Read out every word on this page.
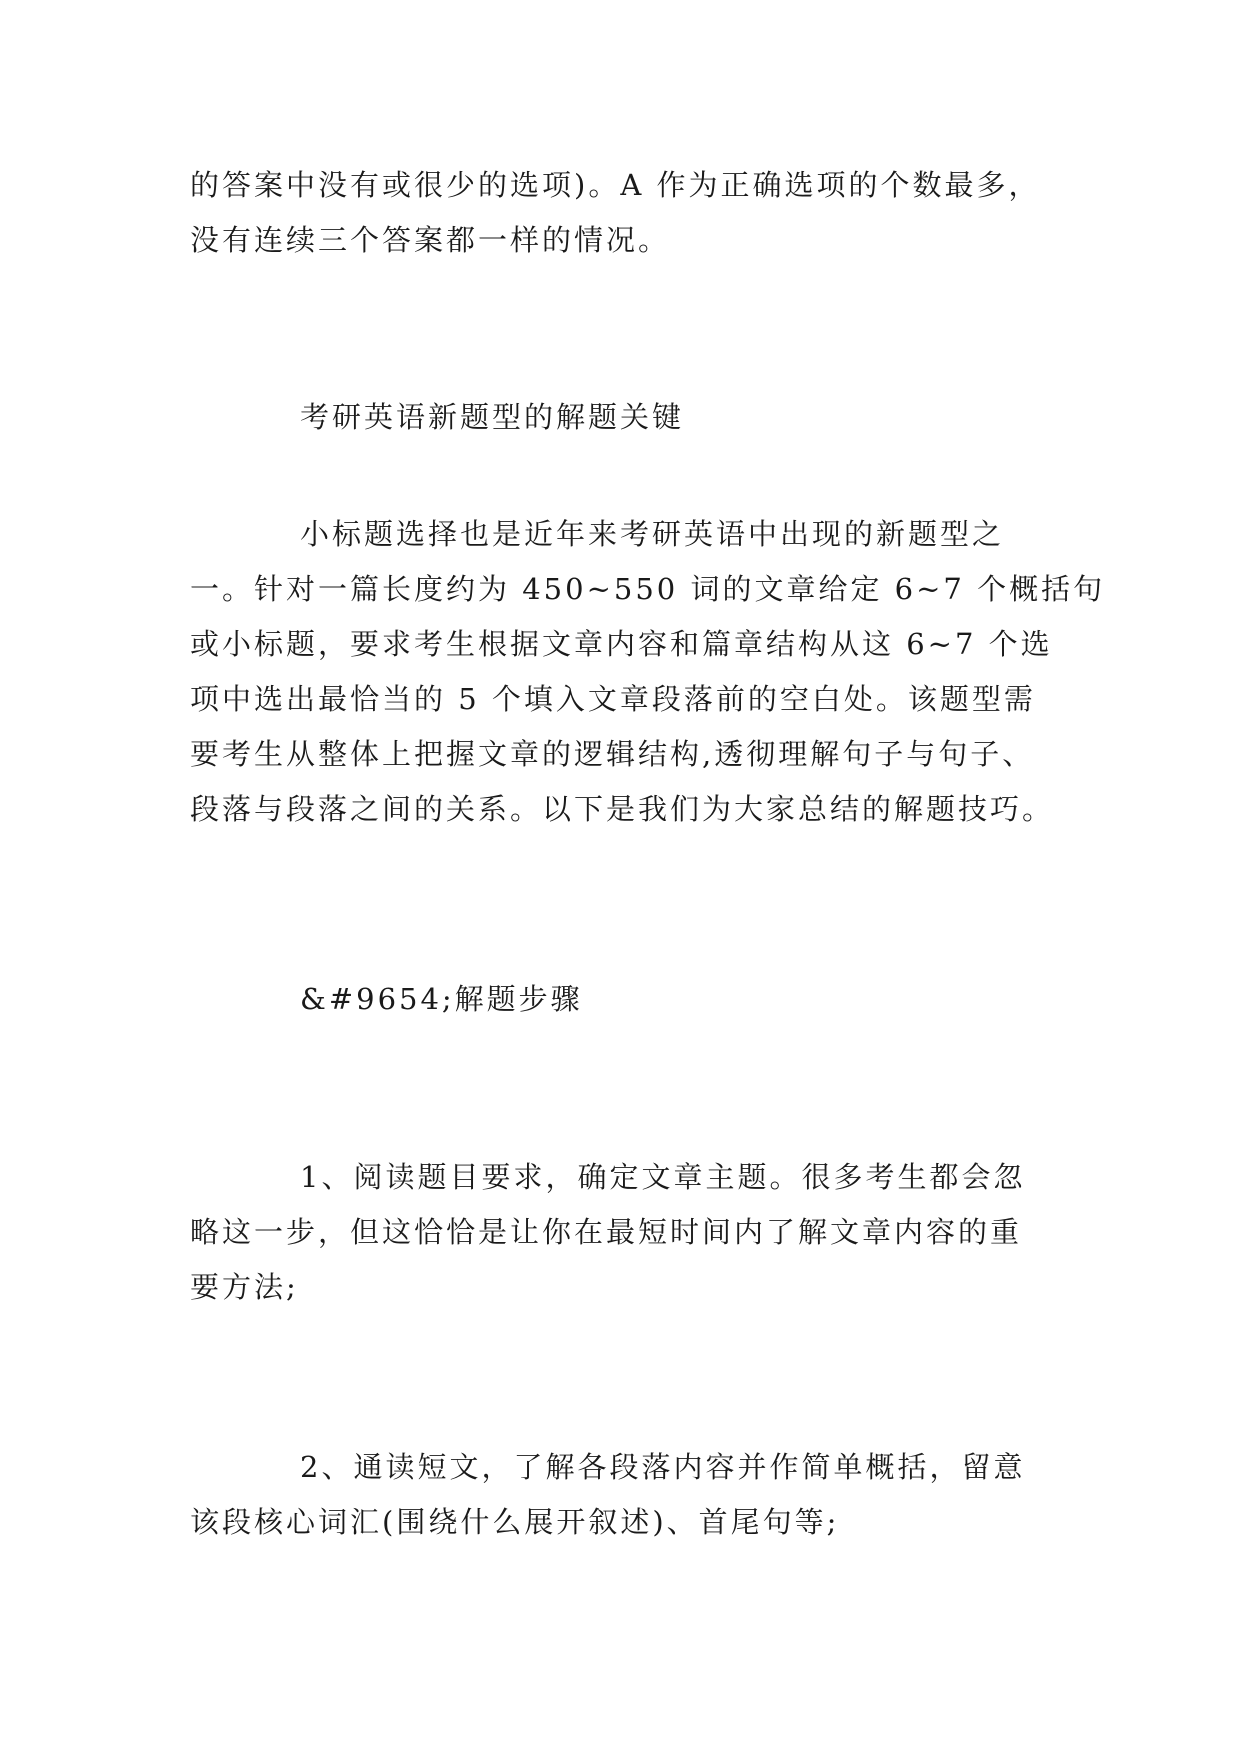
的答案中没有或很少的选项)。A 作为正确选项的个数最多，
没有连续三个答案都一样的情况。
考研英语新题型的解题关键
小标题选择也是近年来考研英语中出现的新题型之
一。针对一篇长度约为 450~550 词的文章给定 6~7 个概括句
或小标题，要求考生根据文章内容和篇章结构从这 6~7 个选
项中选出最恰当的 5 个填入文章段落前的空白处。该题型需
要考生从整体上把握文章的逻辑结构,透彻理解句子与句子、
段落与段落之间的关系。以下是我们为大家总结的解题技巧。
&#9654;解题步骤
1、阅读题目要求，确定文章主题。很多考生都会忽
略这一步，但这恰恰是让你在最短时间内了解文章内容的重
要方法;
2、通读短文，了解各段落内容并作简单概括，留意
该段核心词汇(围绕什么展开叙述)、首尾句等;
